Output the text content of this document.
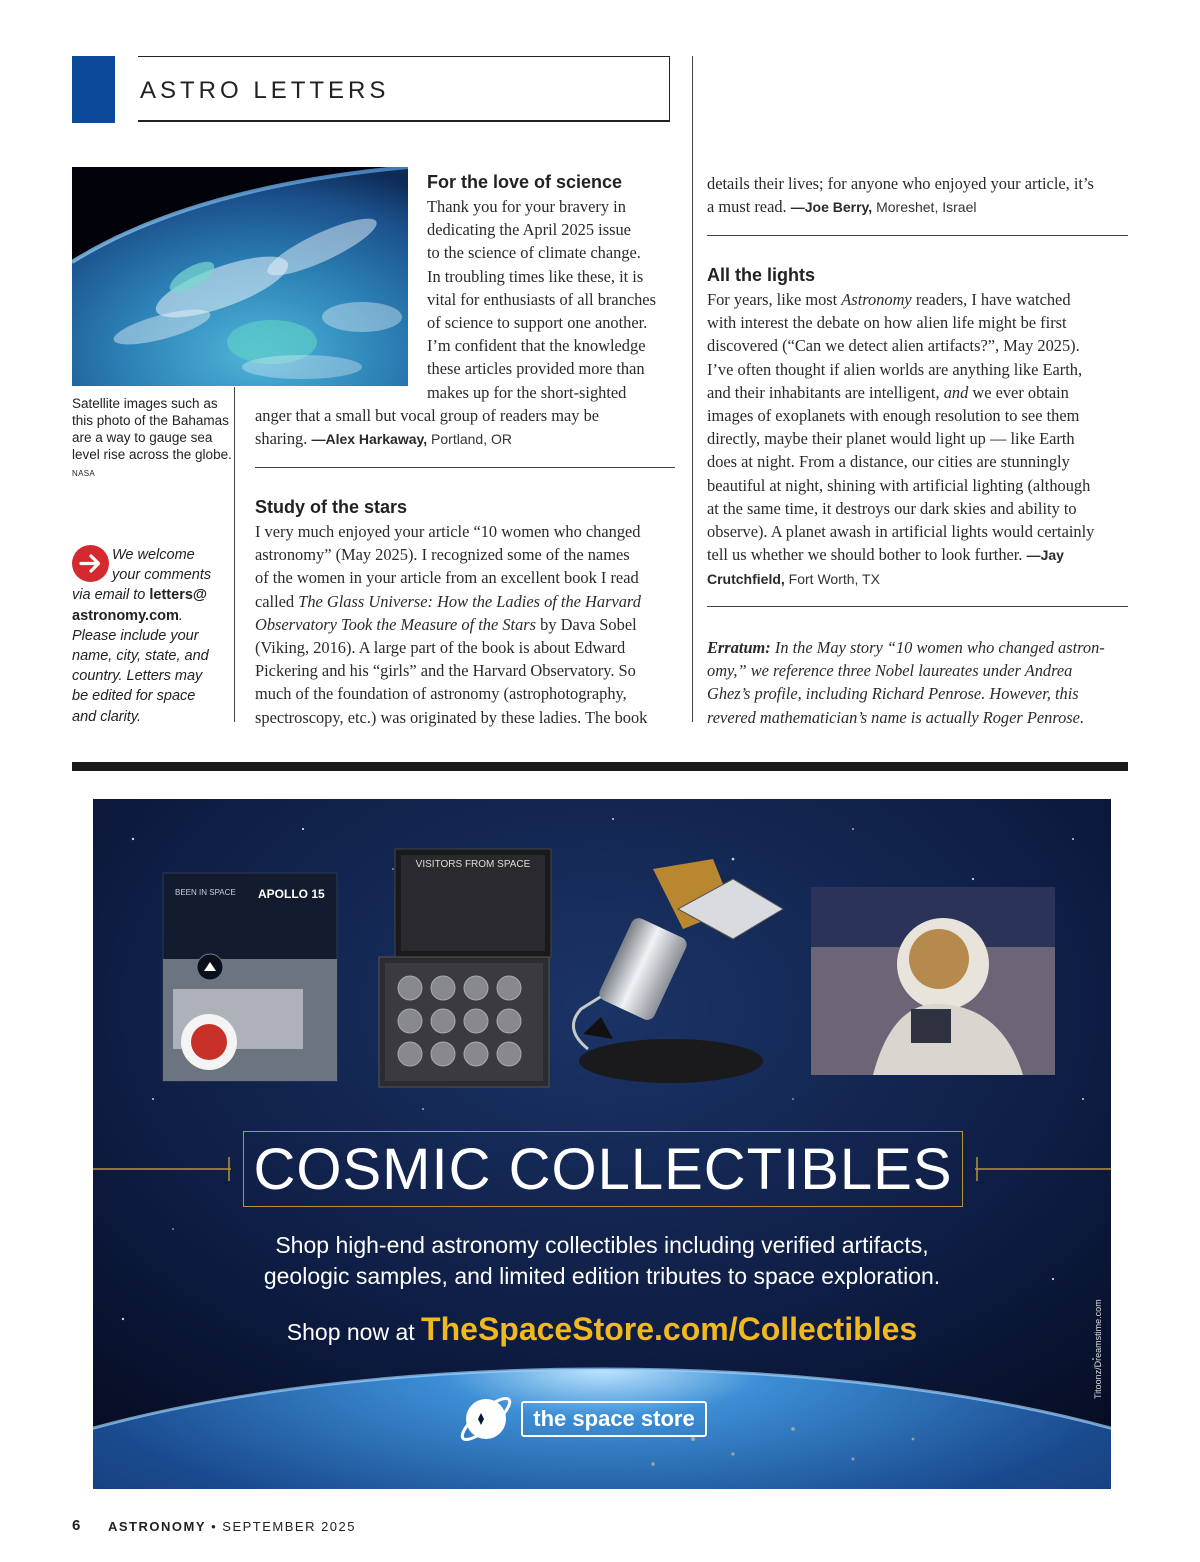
ASTRO LETTERS
Satellite images such as this photo of the Bahamas are a way to gauge sea level rise across the globe. NASA
We welcome
your comments
via email to letters@
astronomy.com.
Please include your
name, city, state, and
country. Letters may
be edited for space
and clarity.
For the love of science
Thank you for your bravery in
dedicating the April 2025 issue
to the science of climate change.
In troubling times like these, it is
vital for enthusiasts of all branches
of science to support one another.
I’m confident that the knowledge
these articles provided more than
makes up for the short-sighted
anger that a small but vocal group of readers may be
sharing. —Alex Harkaway, Portland, OR
Study of the stars
I very much enjoyed your article “10 women who changed
astronomy” (May 2025). I recognized some of the names
of the women in your article from an excellent book I read
called The Glass Universe: How the Ladies of the Harvard
Observatory Took the Measure of the Stars by Dava Sobel
(Viking, 2016). A large part of the book is about Edward
Pickering and his “girls” and the Harvard Observatory. So
much of the foundation of astronomy (astrophotography,
spectroscopy, etc.) was originated by these ladies. The book
details their lives; for anyone who enjoyed your article, it’s
a must read. —Joe Berry, Moreshet, Israel
All the lights
For years, like most Astronomy readers, I have watched
with interest the debate on how alien life might be first
discovered (“Can we detect alien artifacts?”, May 2025).
I’ve often thought if alien worlds are anything like Earth,
and their inhabitants are intelligent, and we ever obtain
images of exoplanets with enough resolution to see them
directly, maybe their planet would light up — like Earth
does at night. From a distance, our cities are stunningly
beautiful at night, shining with artificial lighting (although
at the same time, it destroys our dark skies and ability to
observe). A planet awash in artificial lights would certainly
tell us whether we should bother to look further. —Jay
Crutchfield, Fort Worth, TX
Erratum: In the May story “10 women who changed astron-
omy,” we reference three Nobel laureates under Andrea
Ghez’s profile, including Richard Penrose. However, this
revered mathematician’s name is actually Roger Penrose.
BEEN IN SPACE APOLLO 15
VISITORS FROM SPACE
COSMIC COLLECTIBLES
Shop high-end astronomy collectibles including verified artifacts,
geologic samples, and limited edition tributes to space exploration.
Shop now at TheSpaceStore.com/Collectibles
the space store
Titoonz/Dreamstime.com
6 ASTRONOMY • SEPTEMBER 2025
